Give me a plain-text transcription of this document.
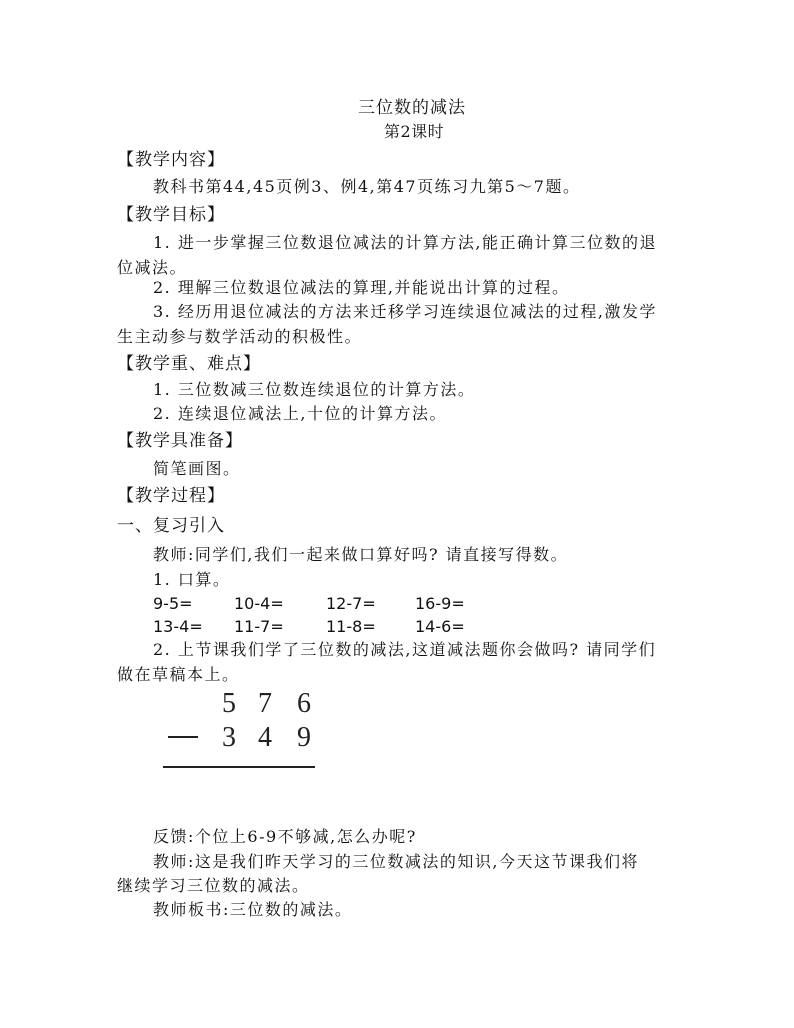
三位数的减法
第2课时
【教学内容】
教科书第44,45页例3、例4,第47页练习九第5～7题。
【教学目标】
1. 进一步掌握三位数退位减法的计算方法,能正确计算三位数的退
位减法。
2. 理解三位数退位减法的算理,并能说出计算的过程。
3. 经历用退位减法的方法来迁移学习连续退位减法的过程,激发学
生主动参与数学活动的积极性。
【教学重、难点】
1. 三位数减三位数连续退位的计算方法。
2. 连续退位减法上,十位的计算方法。
【教学具准备】
简笔画图。
【教学过程】
一、复习引入
教师:同学们,我们一起来做口算好吗? 请直接写得数。
1. 口算。
9-5=	10-4=	12-7= 16-9=
13-4= 11-7=	11-8= 14-6=
2. 上节课我们学了三位数的减法,这道减法题你会做吗? 请同学们
做在草稿本上。
5 7 6
3 4 9
反馈:个位上6-9不够减,怎么办呢?
教师:这是我们昨天学习的三位数减法的知识,今天这节课我们将
继续学习三位数的减法。
教师板书:三位数的减法。
